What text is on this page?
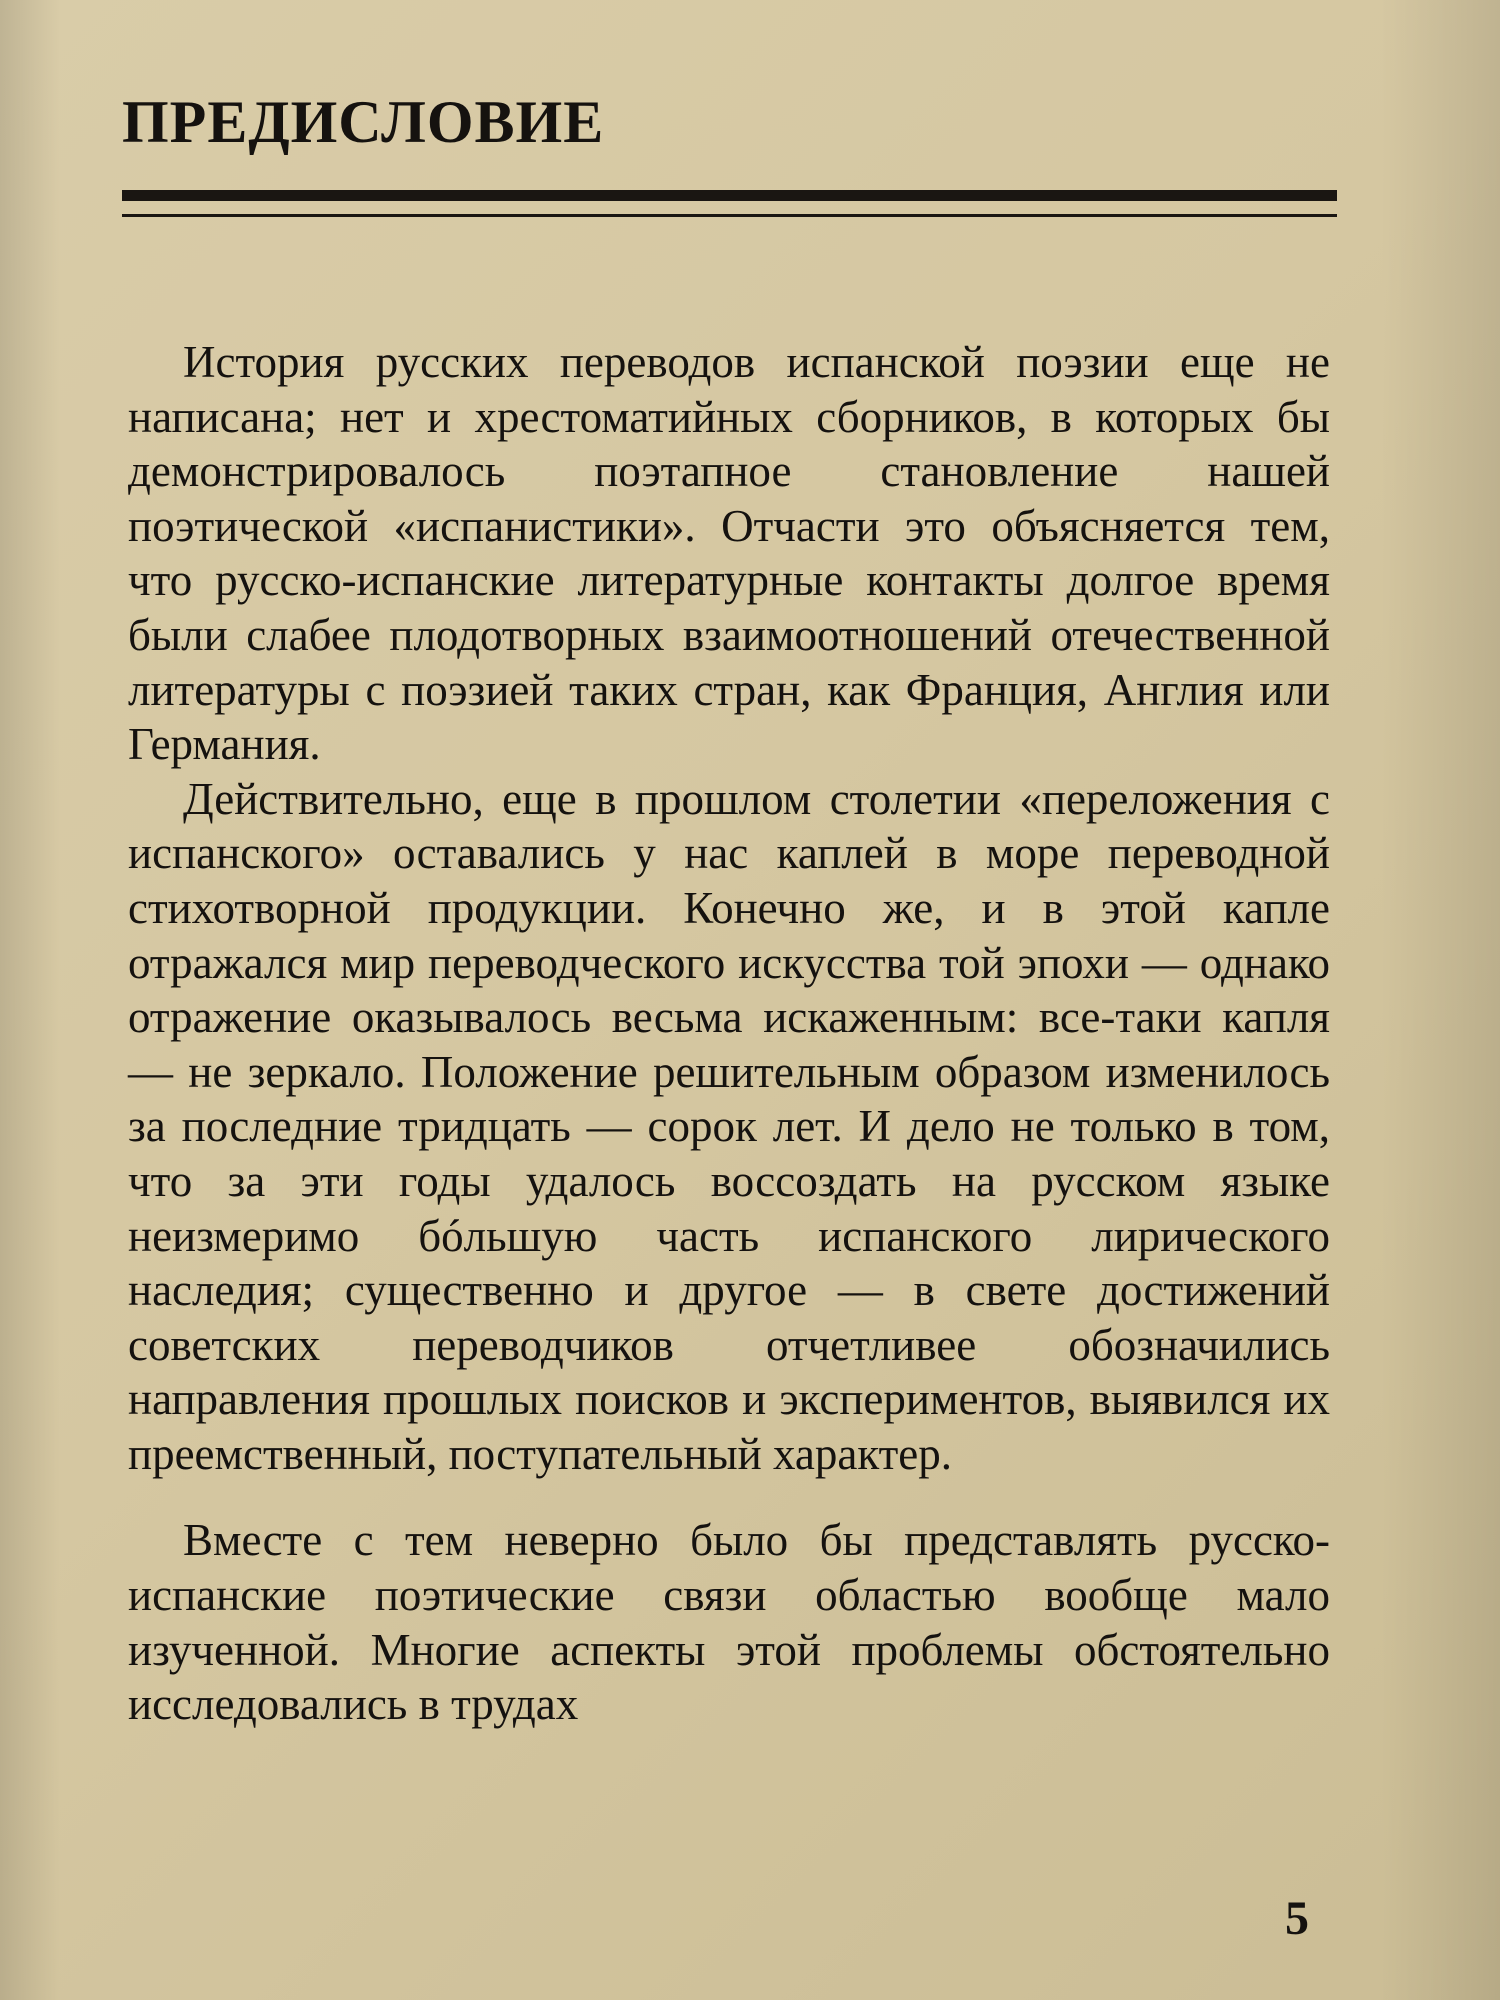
ПРЕДИСЛОВИЕ

История русских переводов испанской поэзии еще не написана; нет и хрестоматийных сборников, в которых бы демонстрировалось поэтапное становление нашей поэтической «испанистики». Отчасти это объясняется тем, что русско-испанские литературные контакты долгое время были слабее плодотворных взаимоотношений отечественной литературы с поэзией таких стран, как Франция, Англия или Германия.

Действительно, еще в прошлом столетии «переложения с испанского» оставались у нас каплей в море переводной стихотворной продукции. Конечно же, и в этой капле отражался мир переводческого искусства той эпохи — однако отражение оказывалось весьма искаженным: все-таки капля — не зеркало. Положение решительным образом изменилось за последние тридцать — сорок лет. И дело не только в том, что за эти годы удалось воссоздать на русском языке неизмеримо бóльшую часть испанского лирического наследия; существенно и другое — в свете достижений советских переводчиков отчетливее обозначились направления прошлых поисков и экспериментов, выявился их преемственный, поступательный характер.

Вместе с тем неверно было бы представлять русско-испанские поэтические связи областью вообще мало изученной. Многие аспекты этой проблемы обстоятельно исследовались в трудах

5
